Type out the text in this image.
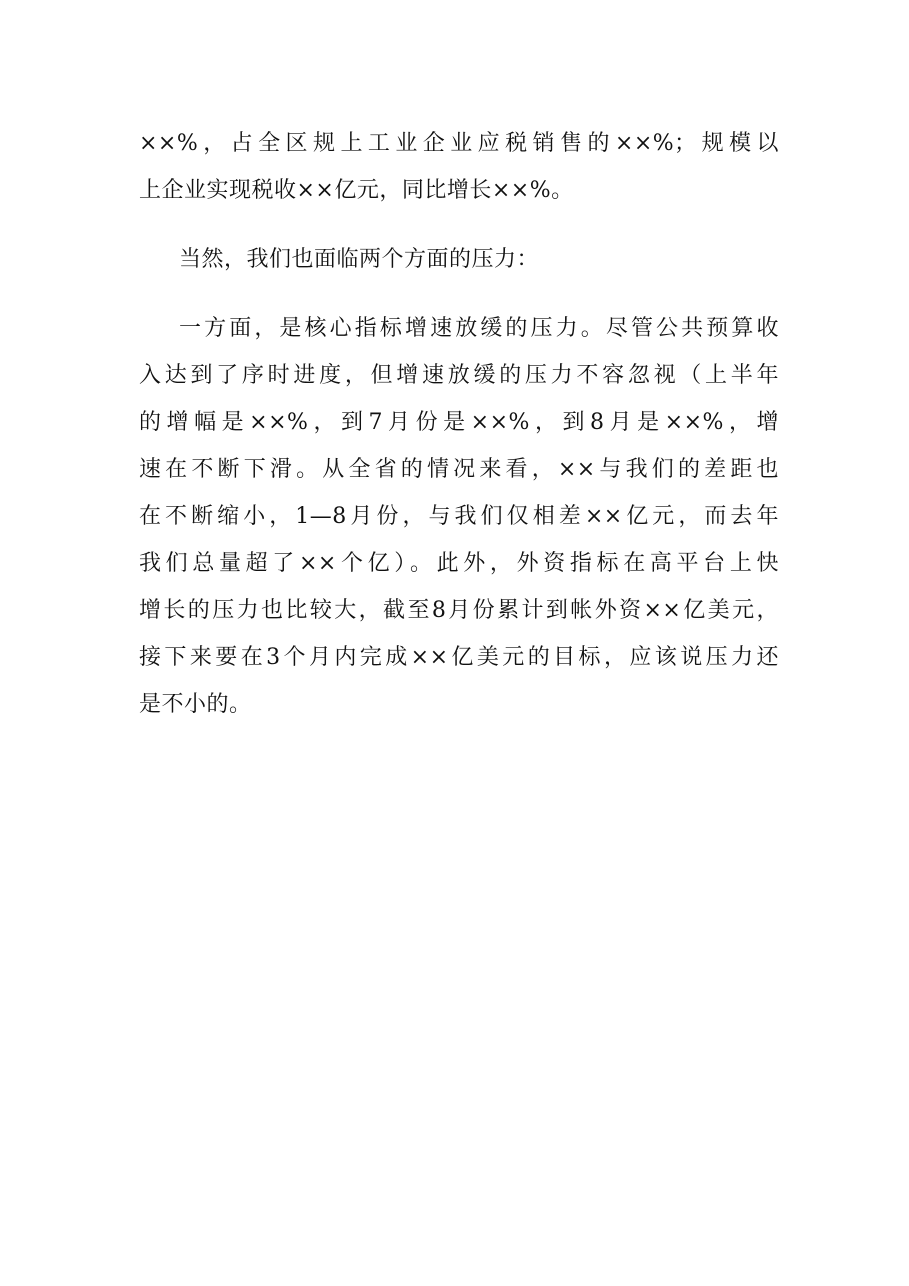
××%，占全区规上工业企业应税销售的××%；规模以
上企业实现税收××亿元，同比增长××%。
当然，我们也面临两个方面的压力：
一方面，是核心指标增速放缓的压力。尽管公共预算收
入达到了序时进度，但增速放缓的压力不容忽视（上半年
的增幅是××%，到7月份是××%，到8月是××%，增
速在不断下滑。从全省的情况来看，××与我们的差距也
在不断缩小，1—8月份，与我们仅相差××亿元，而去年
我们总量超了××个亿）。此外，外资指标在高平台上快
增长的压力也比较大，截至8月份累计到帐外资××亿美元，
接下来要在3个月内完成××亿美元的目标，应该说压力还
是不小的。
